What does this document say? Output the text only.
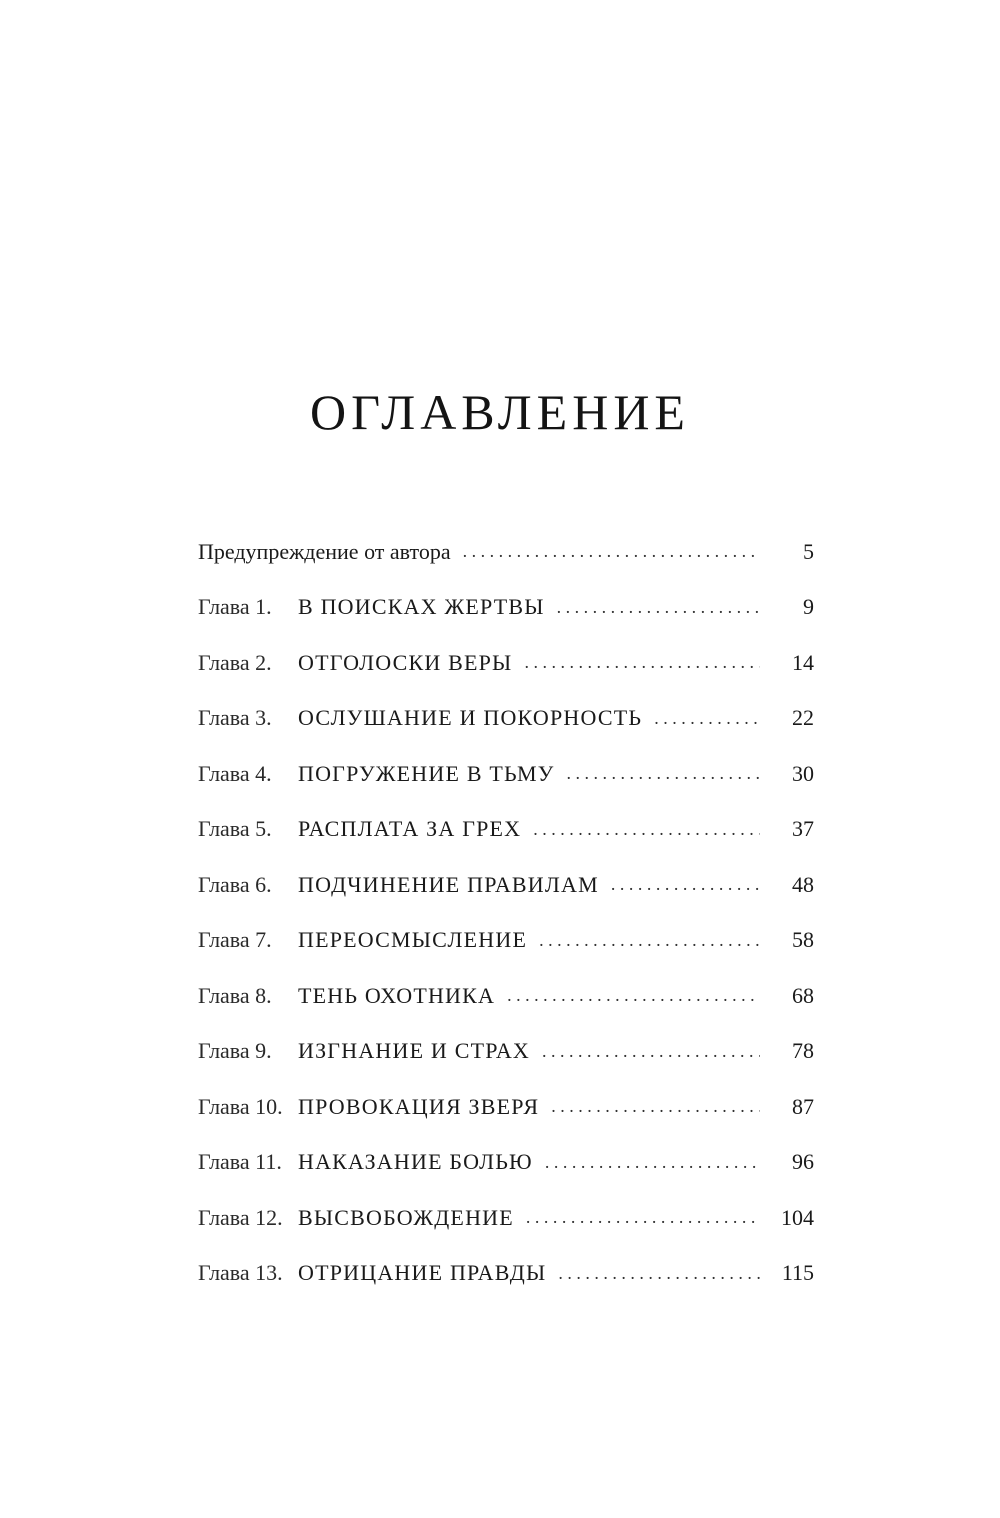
ОГЛАВЛЕНИЕ
Предупреждение от автора . . .	5
Глава 1.	В ПОИСКАХ ЖЕРТВЫ . . .	9
Глава 2.	ОТГОЛОСКИ ВЕРЫ . . .	14
Глава 3.	ОСЛУШАНИЕ И ПОКОРНОСТЬ . . .	22
Глава 4.	ПОГРУЖЕНИЕ В ТЬМУ . . .	30
Глава 5.	РАСПЛАТА ЗА ГРЕХ . . .	37
Глава 6.	ПОДЧИНЕНИЕ ПРАВИЛАМ . . .	48
Глава 7.	ПЕРЕОСМЫСЛЕНИЕ . . .	58
Глава 8.	ТЕНЬ ОХОТНИКА . . .	68
Глава 9.	ИЗГНАНИЕ И СТРАХ . . .	78
Глава 10. ПРОВОКАЦИЯ ЗВЕРЯ . . .	87
Глава 11. НАКАЗАНИЕ БОЛЬЮ . . .	96
Глава 12. ВЫСВОБОЖДЕНИЕ . . .	104
Глава 13. ОТРИЦАНИЕ ПРАВДЫ . . .	115
